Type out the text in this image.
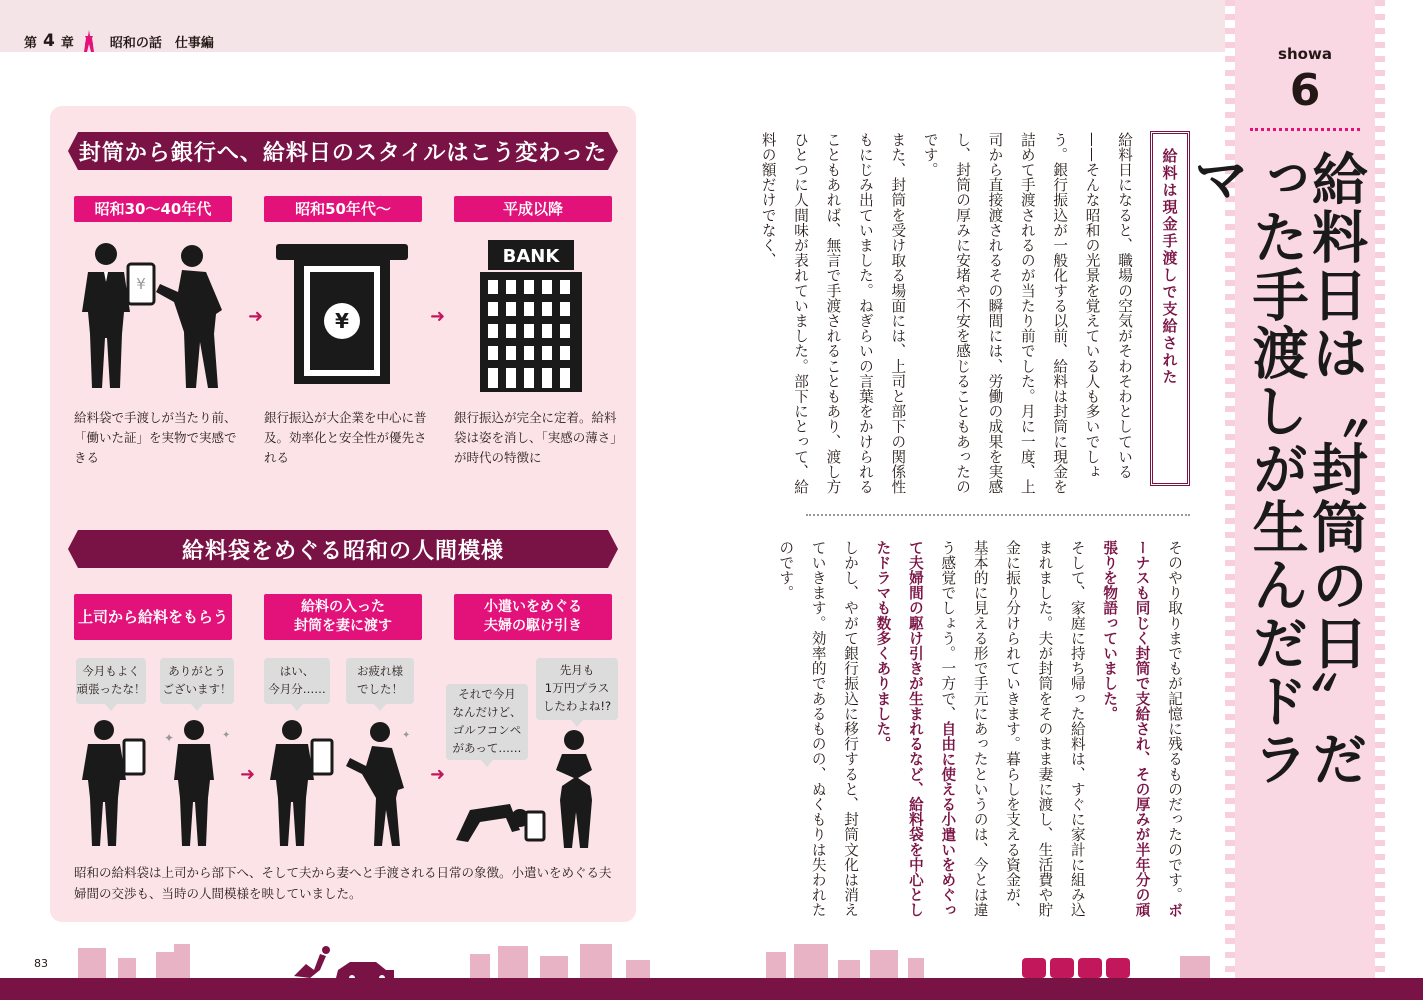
第 4 章	昭和の話　仕事編
封筒から銀行へ、給料日のスタイルはこう変わった
昭和30〜40年代	昭和50年代〜	平成以降
¥
➜	¥	➜
BANK
給料袋で手渡しが当たり前、「働いた証」を実物で実感できる
銀行振込が大企業を中心に普及。効率化と安全性が優先される
銀行振込が完全に定着。給料袋は姿を消し、「実感の薄さ」が時代の特徴に
給料袋をめぐる昭和の人間模様
上司から給料をもらう
給料の入った
封筒を妻に渡す
小遣いをめぐる
夫婦の駆け引き
今月もよく
頑張ったな！
ありがとう
ございます！
はい、
今月分……
お疲れ様
でした！	それで今月
なんだけど、
ゴルフコンペ
があって……
先月も
1万円プラス
したわよね!?
✦	✦
➜
✦
➜
昭和の給料袋は上司から部下へ、そして夫から妻へと手渡される日常の象徴。小遣いをめぐる夫婦間の交渉も、当時の人間模様を映していました。
83
給料は現金手渡しで支給された
給料日になると、職場の空気がそわそわとしている——そんな昭和の光景を覚えている人も多いでしょう。銀行振込が一般化する以前、給料は封筒に現金を詰めて手渡されるのが当たり前でした。月に一度、上司から直接渡されるその瞬間には、労働の成果を実感し、封筒の厚みに安堵や不安を感じることもあったのです。
また、封筒を受け取る場面には、上司と部下の関係性もにじみ出ていました。ねぎらいの言葉をかけられることもあれば、無言で手渡されることもあり、渡し方ひとつに人間味が表れていました。部下にとって、給料の額だけでなく、
そのやり取りまでもが記憶に残るものだったのです。ボーナスも同じく封筒で支給され、その厚みが半年分の頑張りを物語っていました。
そして、家庭に持ち帰った給料は、すぐに家計に組み込まれました。夫が封筒をそのまま妻に渡し、生活費や貯金に振り分けられていきます。暮らしを支える資金が、基本的に見える形で手元にあったというのは、今とは違う感覚でしょう。一方で、自由に使える小遣いをめぐって夫婦間の駆け引きが生まれるなど、給料袋を中心としたドラマも数多くありました。
しかし、やがて銀行振込に移行すると、封筒文化は消えていきます。効率的であるものの、ぬくもりは失われたのです。
showa
6
給料日は〝封筒の日〟だった手渡しが生んだドラマ
